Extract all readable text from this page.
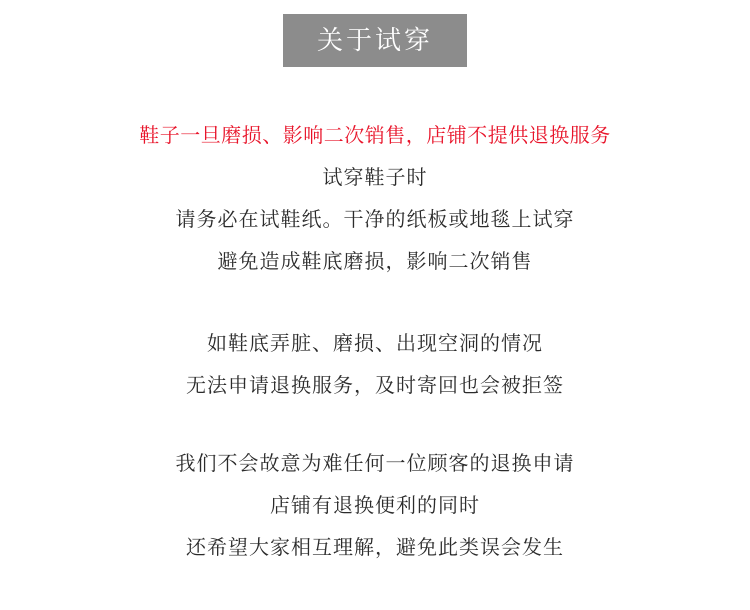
关于试穿
鞋子一旦磨损、影响二次销售，店铺不提供退换服务
试穿鞋子时
请务必在试鞋纸。干净的纸板或地毯上试穿
避免造成鞋底磨损，影响二次销售
如鞋底弄脏、磨损、出现空洞的情况
无法申请退换服务，及时寄回也会被拒签
我们不会故意为难任何一位顾客的退换申请
店铺有退换便利的同时
还希望大家相互理解，避免此类误会发生
